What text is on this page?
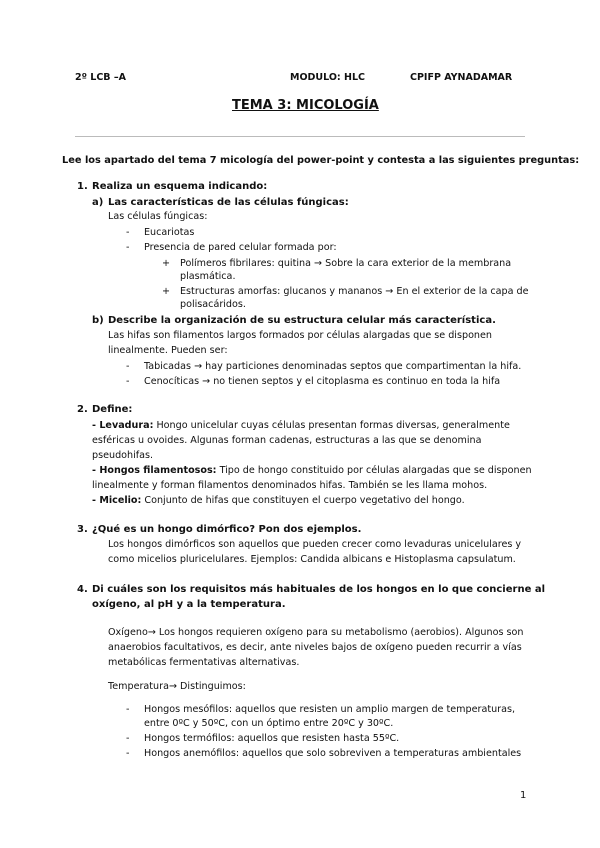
2º LCB –A	MODULO: HLC	CPIFP AYNADAMAR
TEMA 3: MICOLOGÍA
Lee los apartado del tema 7 micología del power-point y contesta a las siguientes preguntas:
1. Realiza un esquema indicando:
a) Las características de las células fúngicas:
Las células fúngicas:
- Eucariotas
- Presencia de pared celular formada por:
+ Polímeros fibrilares: quitina → Sobre la cara exterior de la membrana
plasmática.
+ Estructuras amorfas: glucanos y mananos → En el exterior de la capa de
polisacáridos.
b) Describe la organización de su estructura celular más característica.
Las hifas son filamentos largos formados por células alargadas que se disponen
linealmente. Pueden ser:
- Tabicadas → hay particiones denominadas septos que compartimentan la hifa.
- Cenocíticas → no tienen septos y el citoplasma es continuo en toda la hifa
2. Define:
- Levadura: Hongo unicelular cuyas células presentan formas diversas, generalmente
esféricas u ovoides. Algunas forman cadenas, estructuras a las que se denomina
pseudohifas.
- Hongos filamentosos: Tipo de hongo constituido por células alargadas que se disponen
linealmente y forman filamentos denominados hifas. También se les llama mohos.
- Micelio: Conjunto de hifas que constituyen el cuerpo vegetativo del hongo.
3. ¿Qué es un hongo dimórfico? Pon dos ejemplos.
Los hongos dimórficos son aquellos que pueden crecer como levaduras unicelulares y
como micelios pluricelulares. Ejemplos: Candida albicans e Histoplasma capsulatum.
4. Di cuáles son los requisitos más habituales de los hongos en lo que concierne al
oxígeno, al pH y a la temperatura.
Oxígeno→ Los hongos requieren oxígeno para su metabolismo (aerobios). Algunos son
anaerobios facultativos, es decir, ante niveles bajos de oxígeno pueden recurrir a vías
metabólicas fermentativas alternativas.
Temperatura→ Distinguimos:
- Hongos mesófilos: aquellos que resisten un amplio margen de temperaturas,
entre 0ºC y 50ºC, con un óptimo entre 20ºC y 30ºC.
- Hongos termófilos: aquellos que resisten hasta 55ºC.
- Hongos anemófilos: aquellos que solo sobreviven a temperaturas ambientales
1
